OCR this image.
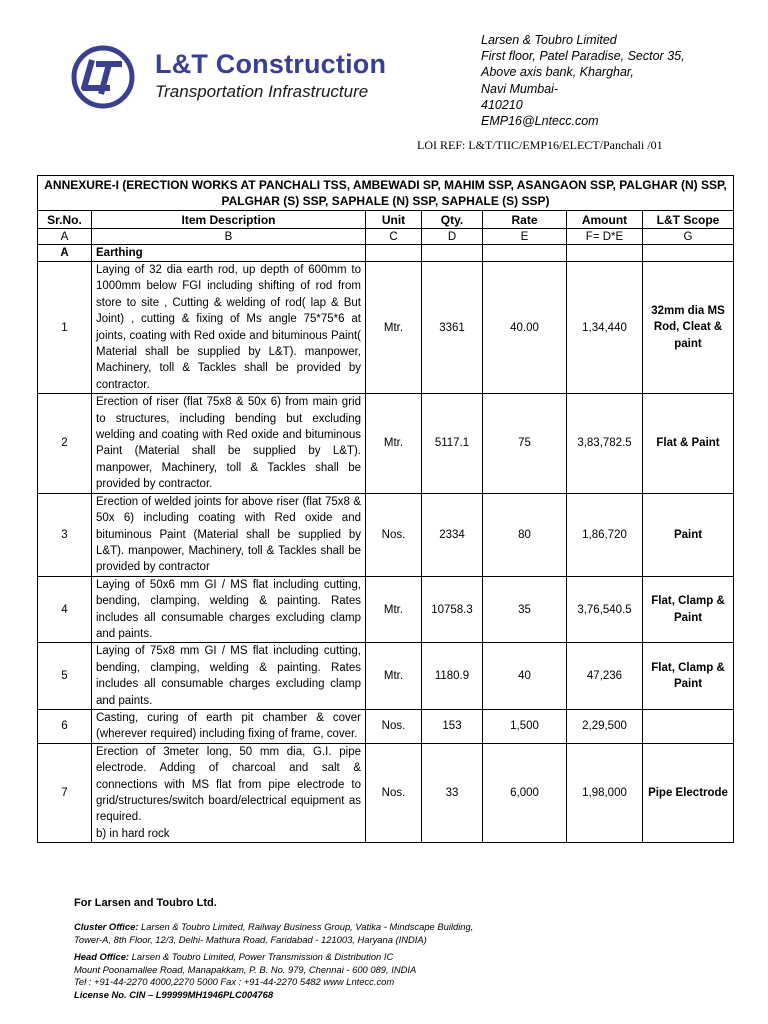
L&T Construction
Transportation Infrastructure
Larsen & Toubro Limited
First floor, Patel Paradise, Sector 35,
Above axis bank, Kharghar,
Navi Mumbai-
410210
EMP16@Lntecc.com
LOI REF: L&T/TIIC/EMP16/ELECT/Panchali /01
ANNEXURE-I (ERECTION WORKS AT PANCHALI TSS, AMBEWADI SP, MAHIM SSP, ASANGAON SSP, PALGHAR (N) SSP, PALGHAR (S) SSP, SAPHALE (N) SSP, SAPHALE (S) SSP)						
Sr.No.	Item Description	Unit	Qty.	Rate	Amount	L&T Scope
A	B	C	D	E	F= D*E	G
A	Earthing					
1	Laying of 32 dia earth rod, up depth of 600mm to 1000mm below FGI including shifting of rod from store to site , Cutting & welding of rod( lap & But Joint) , cutting & fixing of Ms angle 75*75*6 at joints, coating with Red oxide and bituminous Paint( Material shall be supplied by L&T). manpower, Machinery, toll & Tackles shall be provided by contractor.	Mtr.	3361	40.00	1,34,440	32mm dia MS Rod, Cleat & paint
2	Erection of riser (flat 75x8 & 50x 6) from main grid to structures, including bending but excluding welding and coating with Red oxide and bituminous Paint (Material shall be supplied by L&T). manpower, Machinery, toll & Tackles shall be provided by contractor.	Mtr.	5117.1	75	3,83,782.5	Flat & Paint
3	Erection of welded joints for above riser (flat 75x8 & 50x 6) including coating with Red oxide and bituminous Paint (Material shall be supplied by L&T). manpower, Machinery, toll & Tackles shall be provided by contractor	Nos.	2334	80	1,86,720	Paint
4	Laying of 50x6 mm GI / MS flat including cutting, bending, clamping, welding & painting. Rates includes all consumable charges excluding clamp and paints.	Mtr.	10758.3	35	3,76,540.5	Flat, Clamp & Paint
5	Laying of 75x8 mm GI / MS flat including cutting, bending, clamping, welding & painting. Rates includes all consumable charges excluding clamp and paints.	Mtr.	1180.9	40	47,236	Flat, Clamp & Paint
6	Casting, curing of earth pit chamber & cover (wherever required) including fixing of frame, cover.	Nos.	153	1,500	2,29,500	
7	Erection of 3meter long, 50 mm dia, G.I. pipe electrode. Adding of charcoal and salt & connections with MS flat from pipe electrode to grid/structures/switch board/electrical equipment as required.
b) in hard rock	Nos.	33	6,000	1,98,000	Pipe Electrode
For Larsen and Toubro Ltd.
Cluster Office: Larsen & Toubro Limited, Railway Business Group, Vatika - Mindscape Building,
Tower-A, 8th Floor, 12/3, Delhi- Mathura Road, Faridabad - 121003, Haryana (INDIA)
Head Office: Larsen & Toubro Limited, Power Transmission & Distribution IC
Mount Poonamallee Road, Manapakkam, P. B. No. 979, Chennai - 600 089, INDIA
Tel : +91-44-2270 4000,2270 5000 Fax : +91-44-2270 5482 www Lntecc.com
License No. CIN – L99999MH1946PLC004768
